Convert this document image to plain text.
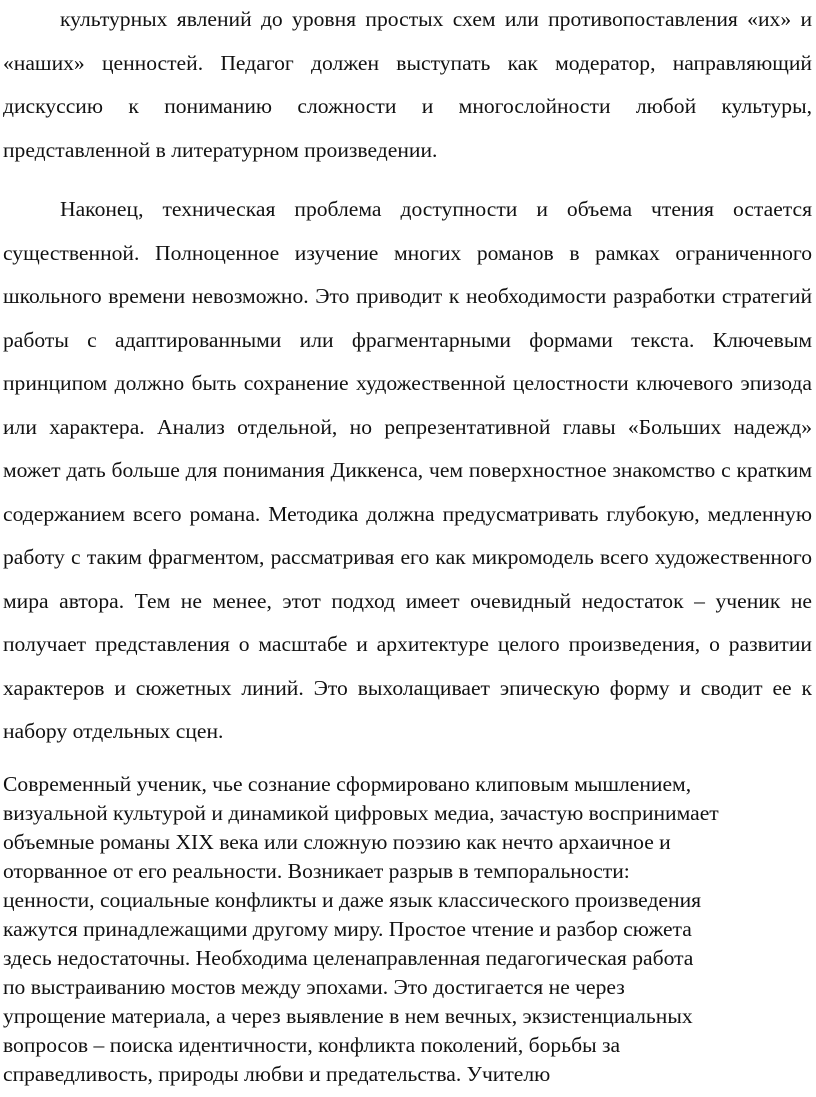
культурных явлений до уровня простых схем или противопоставления «их» и «наших» ценностей. Педагог должен выступать как модератор, направляющий дискуссию к пониманию сложности и многослойности любой культуры, представленной в литературном произведении.

Наконец, техническая проблема доступности и объема чтения остается существенной. Полноценное изучение многих романов в рамках ограниченного школьного времени невозможно. Это приводит к необходимости разработки стратегий работы с адаптированными или фрагментарными формами текста. Ключевым принципом должно быть сохранение художественной целостности ключевого эпизода или характера. Анализ отдельной, но репрезентативной главы «Больших надежд» может дать больше для понимания Диккенса, чем поверхностное знакомство с кратким содержанием всего романа. Методика должна предусматривать глубокую, медленную работу с таким фрагментом, рассматривая его как микромодель всего художественного мира автора. Тем не менее, этот подход имеет очевидный недостаток – ученик не получает представления о масштабе и архитектуре целого произведения, о развитии характеров и сюжетных линий. Это выхолащивает эпическую форму и сводит ее к набору отдельных сцен.

Современный ученик, чье сознание сформировано клиповым мышлением,
визуальной культурой и динамикой цифровых медиа, зачастую воспринимает
объемные романы XIX века или сложную поэзию как нечто архаичное и
оторванное от его реальности. Возникает разрыв в темпоральности:
ценности, социальные конфликты и даже язык классического произведения
кажутся принадлежащими другому миру. Простое чтение и разбор сюжета
здесь недостаточны. Необходима целенаправленная педагогическая работа
по выстраиванию мостов между эпохами. Это достигается не через
упрощение материала, а через выявление в нем вечных, экзистенциальных
вопросов – поиска идентичности, конфликта поколений, борьбы за
справедливость, природы любви и предательства. Учителю
